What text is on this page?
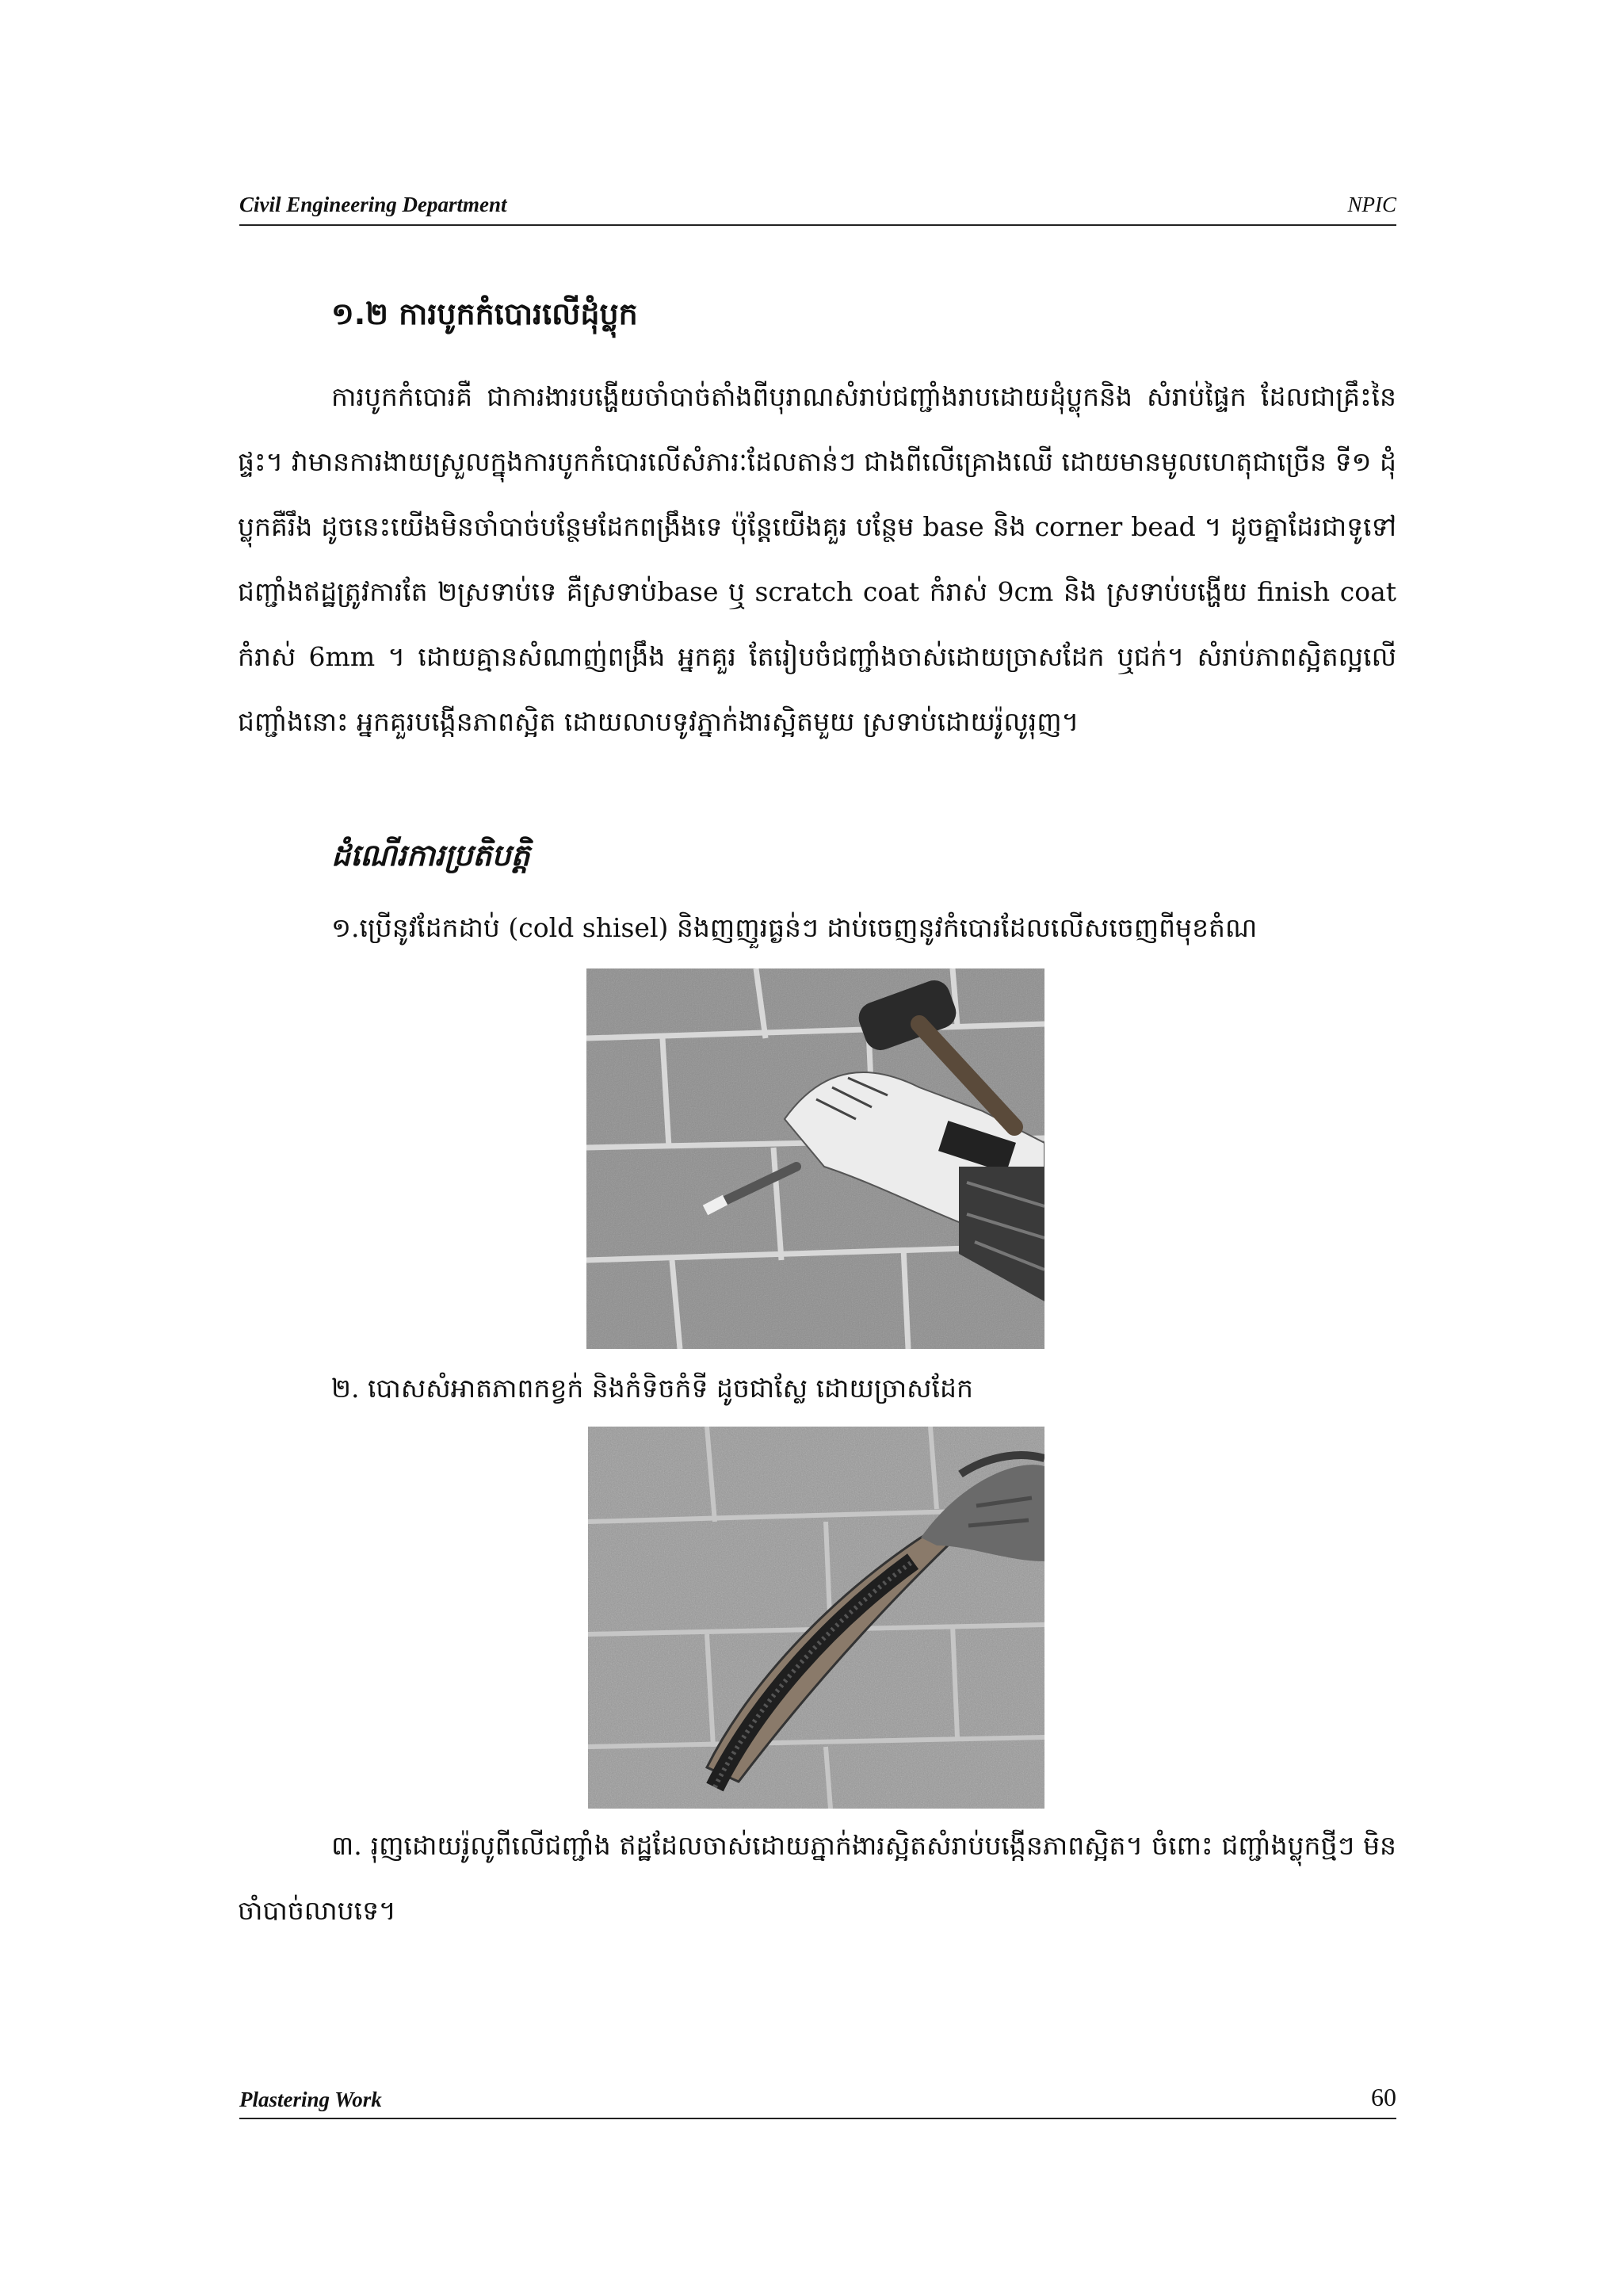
Civil Engineering Department	NPIC
១.២ ការបូកកំបោរលើដុំប្លុក

ការបូកកំបោរគឺ ជាការងារបង្ហើយចាំបាច់តាំងពីបុរាណសំរាប់ជញ្ជាំងរាបដោយដុំប្លុកនិង សំរាប់ផ្ទៃក ដែលជាគ្រឹះនៃផ្ទះ។ វាមានការងាយស្រួលក្នុងការបូកកំបោរលើសំភារៈដែលតាន់ៗ ជាងពីលើគ្រោងឈើ ដោយមានមូលហេតុជាច្រើន ទី១ ដុំប្លុកគឺរឹង ដូចនេះយើងមិនចាំបាច់បន្ថែមដែកពង្រឹងទេ ប៉ុន្តែយើងគួរ បន្ថែម base និង corner bead ។ ដូចគ្នាដែរជាទូទៅជញ្ជាំងឥដ្ឋត្រូវការតែ ២ស្រទាប់ទេ គឺស្រទាប់base ឬ scratch coat កំរាស់ 9cm និង ស្រទាប់បង្ហើយ finish coat កំរាស់ 6mm ។ ដោយគ្មានសំណាញ់ពង្រឹង អ្នកគួរ តែរៀបចំជញ្ជាំងចាស់ដោយច្រាសដែក ឬជក់។ សំរាប់ភាពស្អិតល្អលើជញ្ជាំងនោះ អ្នកគួរបង្កើនភាពស្អិត ដោយលាបទូវភ្នាក់ងារស្អិតមួយ ស្រទាប់ដោយរ៉ូលូរុញ។

ដំណើរការប្រតិបត្តិ
១.ប្រើនូវដែកដាប់ (cold shisel) និងញញួរធ្ងន់ៗ ដាប់ចេញនូវកំបោរដែលលើសចេញពីមុខតំណ
២. បោសសំអាតភាពកខ្វក់ និងកំទិចកំទី ដូចជាស្លែ ដោយច្រាសដែក
៣. រុញដោយរ៉ូលូពីលើជញ្ជាំង ឥដ្ឋដែលចាស់ដោយភ្នាក់ងារស្អិតសំរាប់បង្កើនភាពស្អិត។ ចំពោះ ជញ្ជាំងប្លុកថ្មីៗ មិនចាំបាច់លាបទេ។
Plastering Work	60
